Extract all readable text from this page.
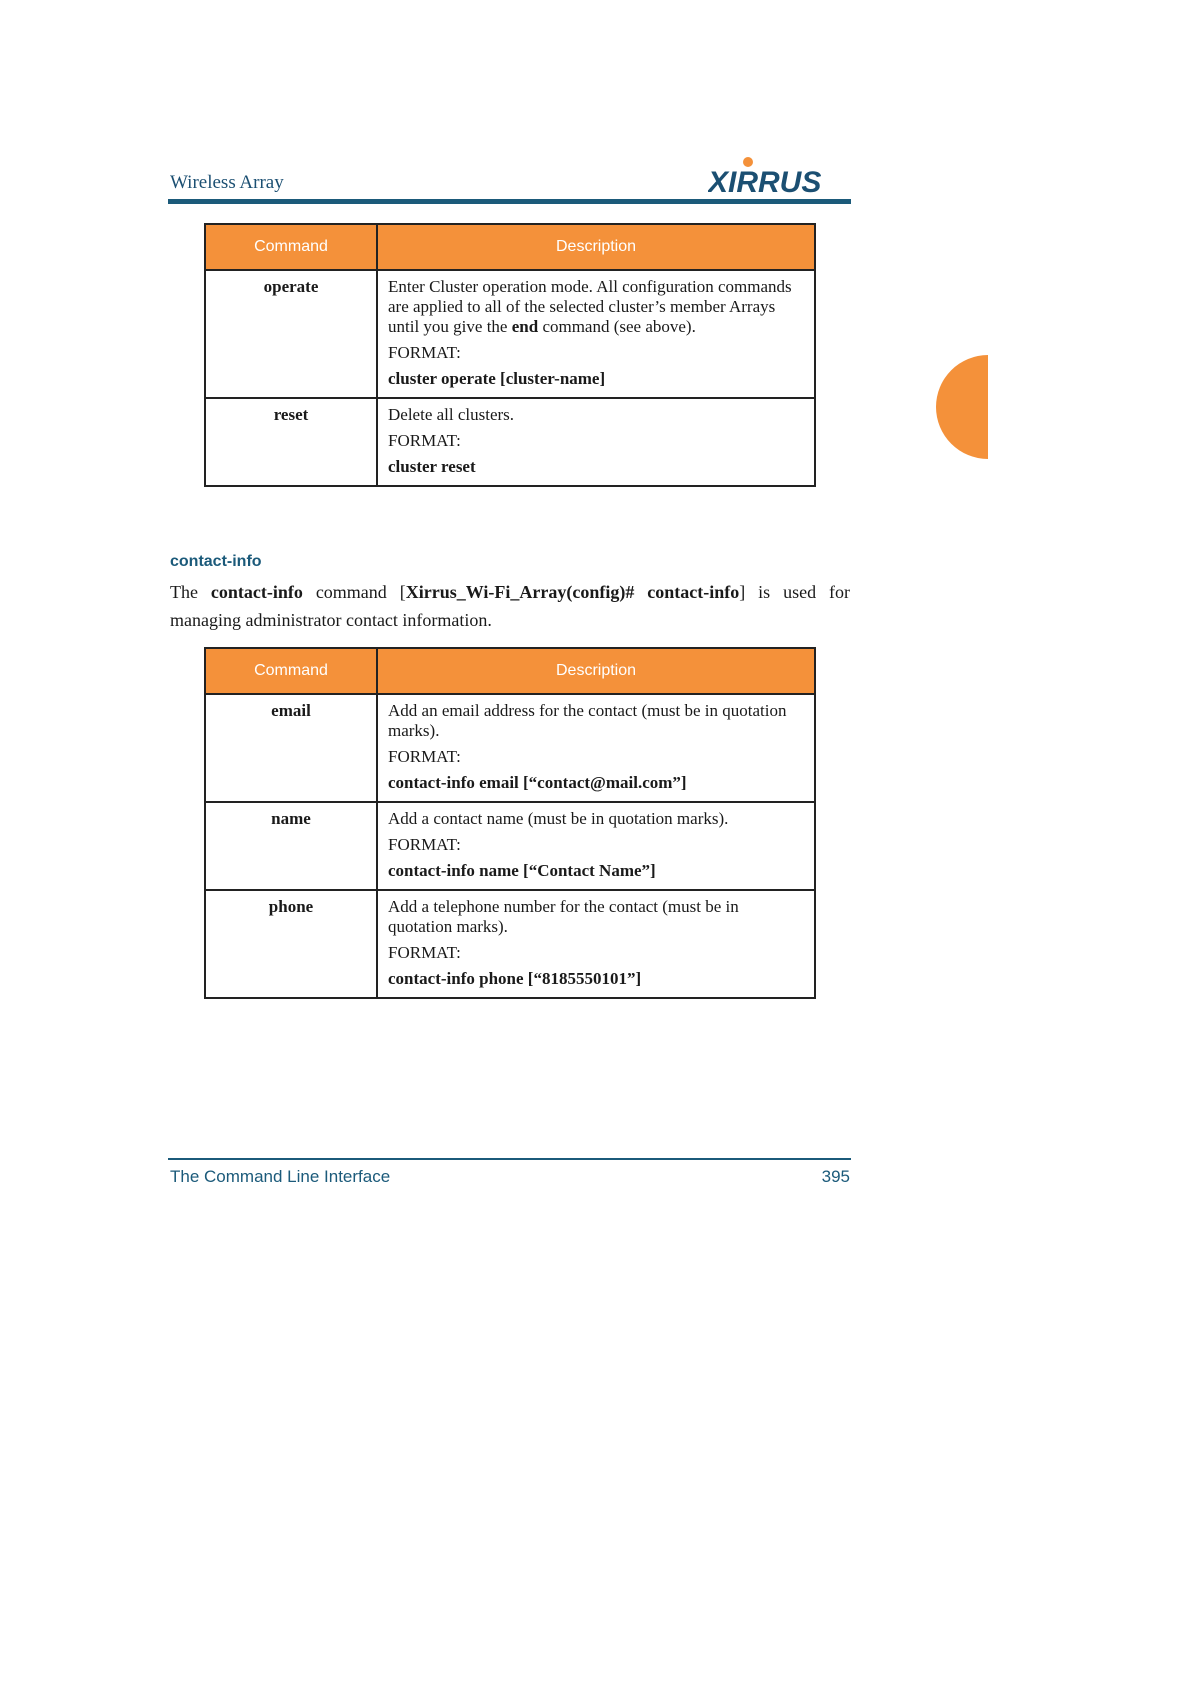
Wireless Array	XIRRUS
Command	Description
operate	Enter Cluster operation mode. All configuration commands are applied to all of the selected cluster’s member Arrays until you give the end command (see above).

FORMAT:

cluster operate [cluster-name]

reset	Delete all clusters.

FORMAT:

cluster reset

contact-info
The contact-info command [Xirrus_Wi-Fi_Array(config)# contact-info] is used for managing administrator contact information.
Command	Description
email	Add an email address for the contact (must be in quotation marks).

FORMAT:

contact-info email [“contact@mail.com”]

name	Add a contact name (must be in quotation marks).

FORMAT:

contact-info name [“Contact Name”]

phone	Add a telephone number for the contact (must be in quotation marks).

FORMAT:

contact-info phone [“8185550101”]

The Command Line Interface	395
